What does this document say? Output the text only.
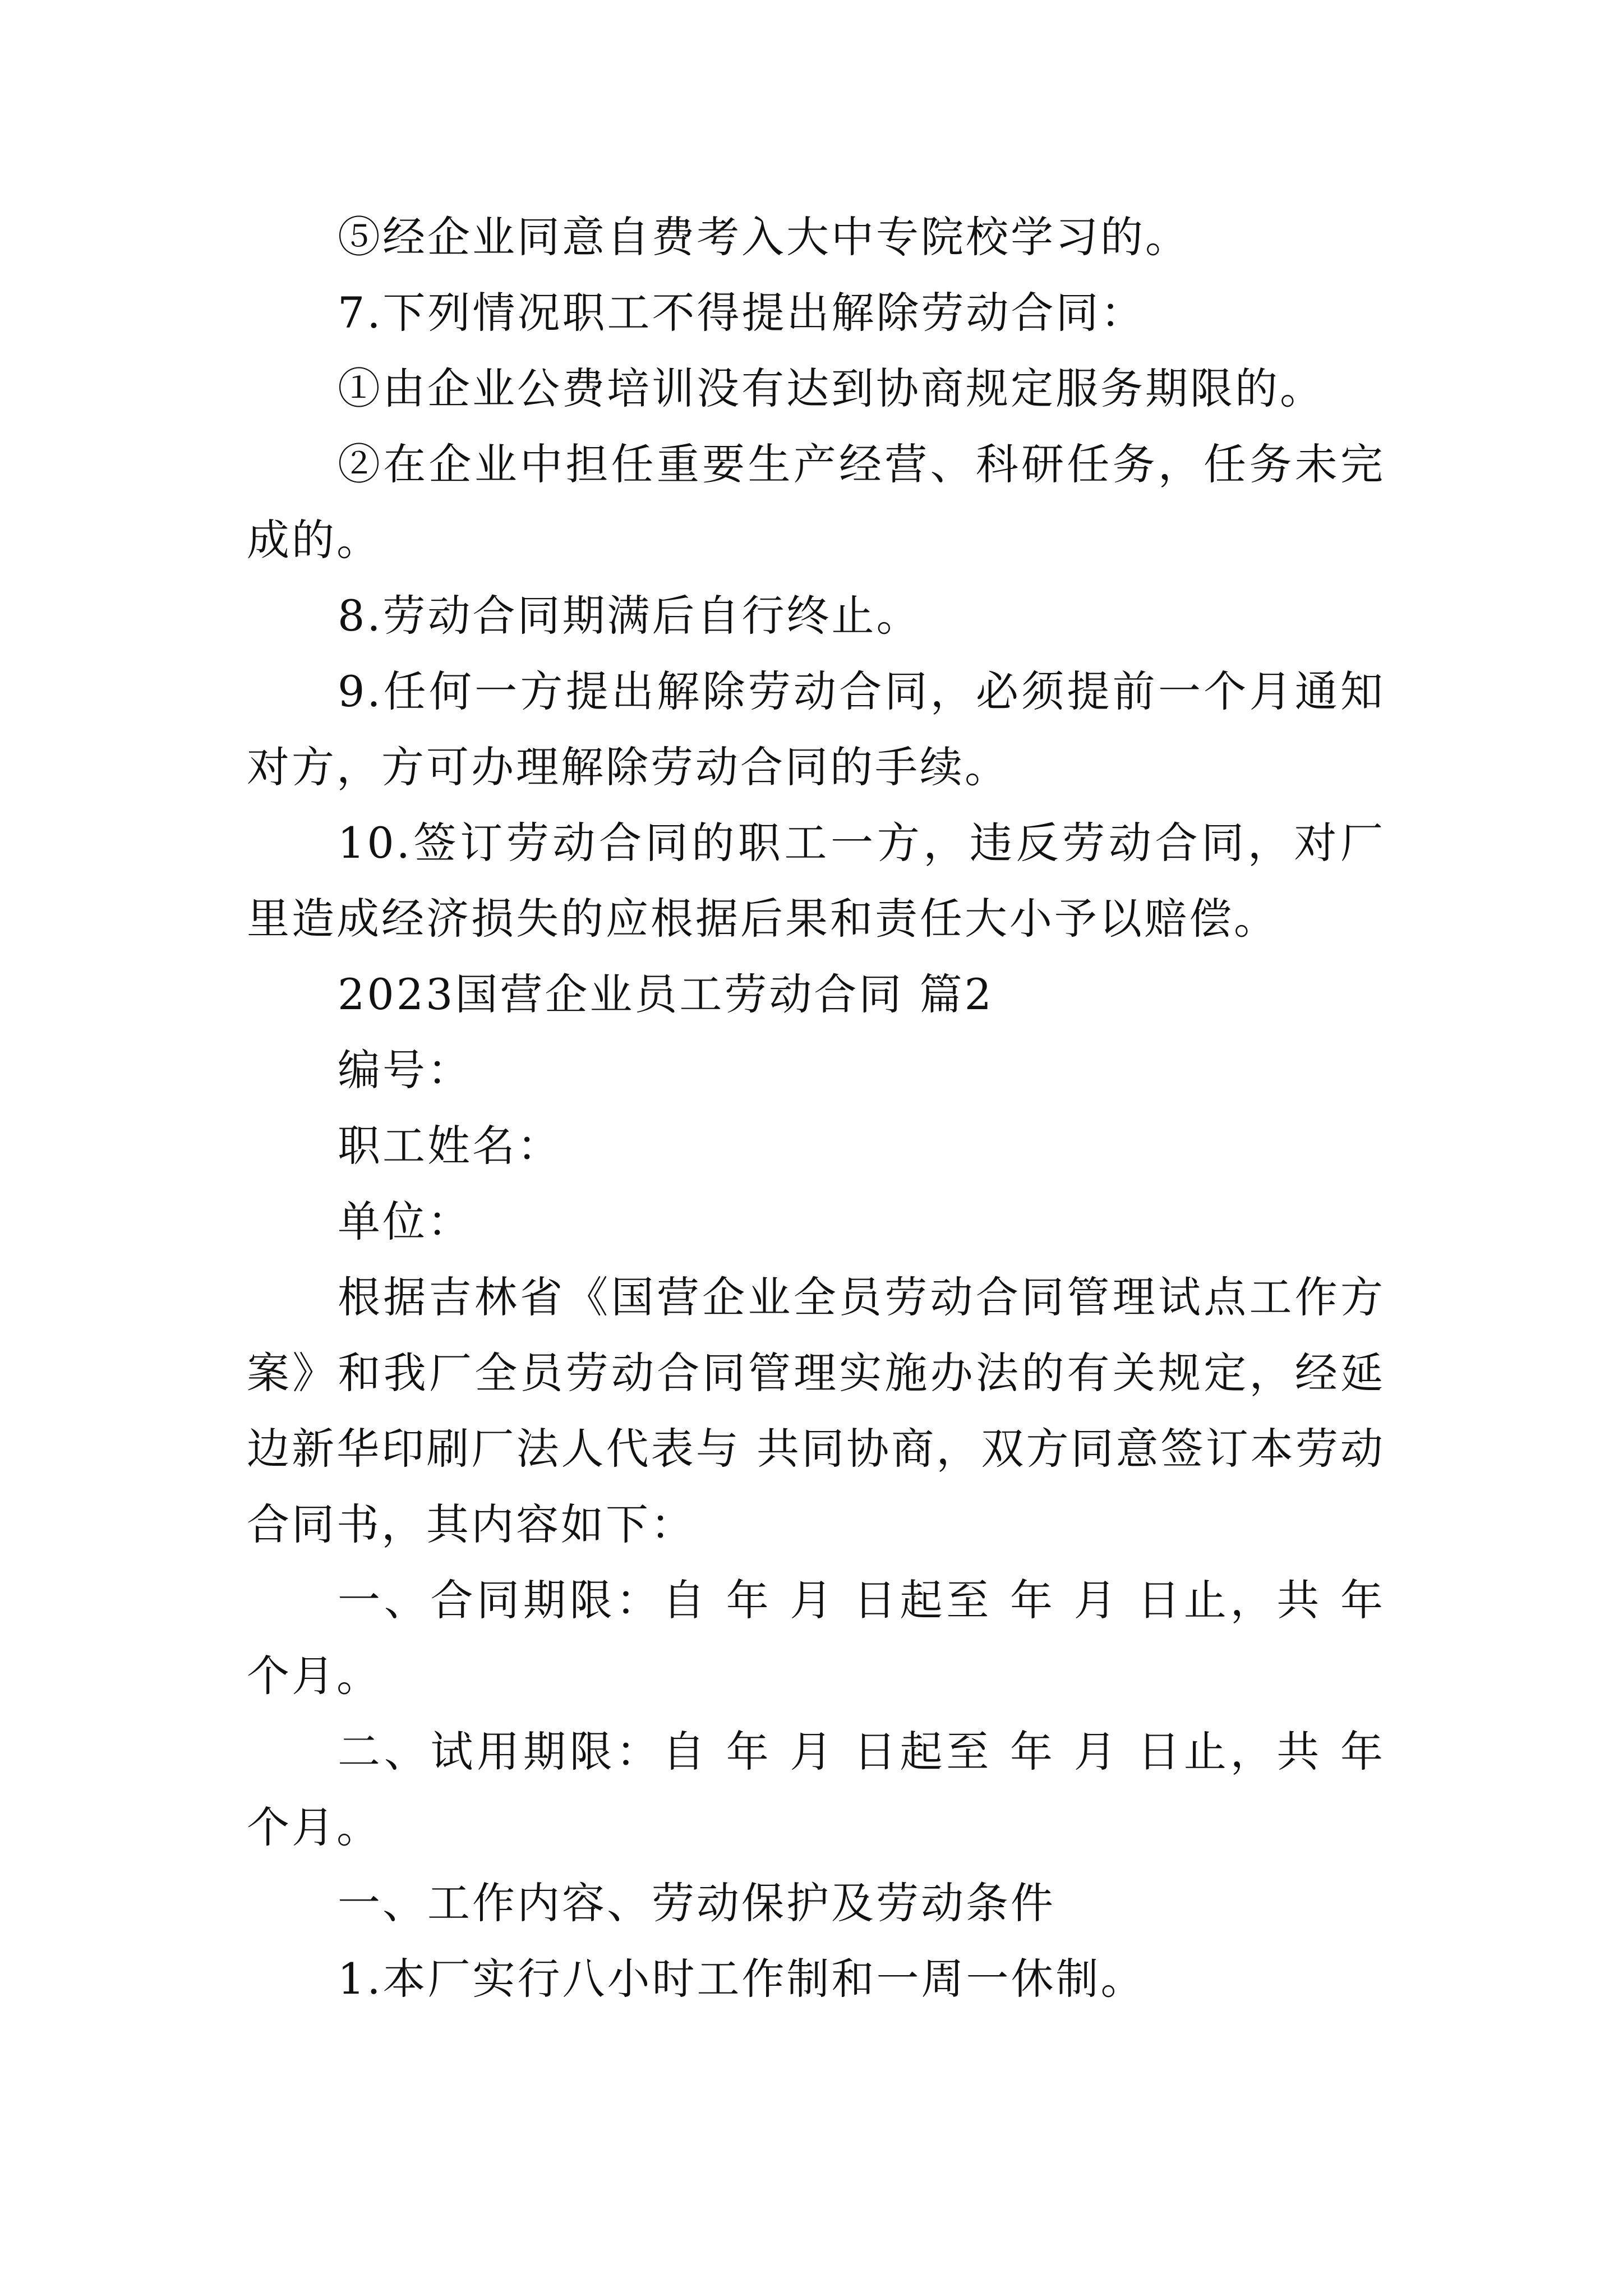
⑤经企业同意自费考入大中专院校学习的。

7.下列情况职工不得提出解除劳动合同：

①由企业公费培训没有达到协商规定服务期限的。

②在企业中担任重要生产经营、科研任务，任务未完成的。

8.劳动合同期满后自行终止。

9.任何一方提出解除劳动合同，必须提前一个月通知对方，方可办理解除劳动合同的手续。

10.签订劳动合同的职工一方，违反劳动合同，对厂里造成经济损失的应根据后果和责任大小予以赔偿。

2023国营企业员工劳动合同 篇2

编号：

职工姓名：

单位：

根据吉林省《国营企业全员劳动合同管理试点工作方案》和我厂全员劳动合同管理实施办法的有关规定，经延边新华印刷厂法人代表与 共同协商，双方同意签订本劳动合同书，其内容如下：

一、合同期限：自 年 月 日起至 年 月 日止，共 年 个月。

二、试用期限：自 年 月 日起至 年 月 日止，共 年 个月。

一、工作内容、劳动保护及劳动条件

1.本厂实行八小时工作制和一周一休制。
